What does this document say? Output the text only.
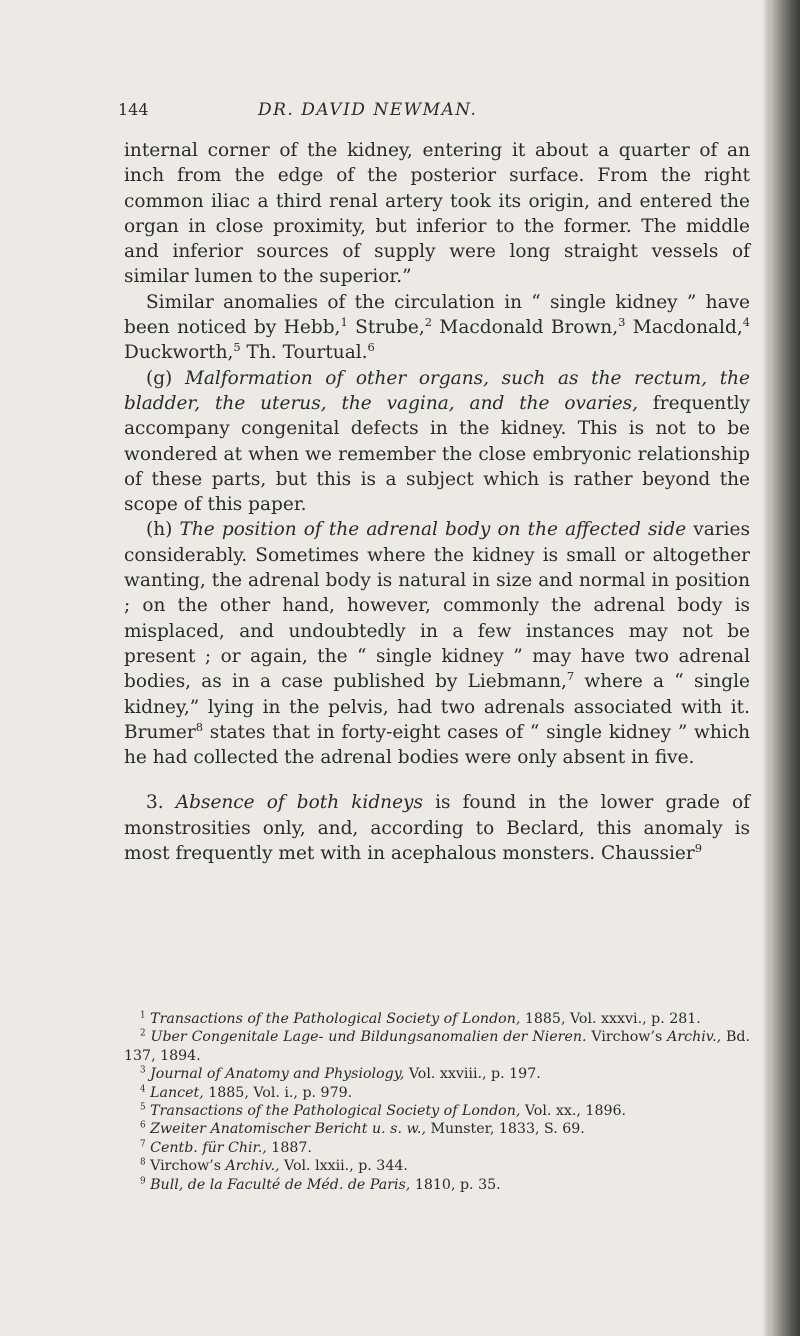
144	DR. DAVID NEWMAN.

internal corner of the kidney, entering it about a quarter of an inch from the edge of the posterior surface. From the right common iliac a third renal artery took its origin, and entered the organ in close proximity, but inferior to the former. The middle and inferior sources of supply were long straight vessels of similar lumen to the superior.”

Similar anomalies of the circulation in “ single kidney ” have been noticed by Hebb,$^1$ Strube,$^2$ Macdonald Brown,$^3$ Macdonald,$^4$ Duckworth,$^5$ Th. Tourtual.$^6$

(g) Malformation of other organs, such as the rectum, the bladder, the uterus, the vagina, and the ovaries, frequently accompany congenital defects in the kidney. This is not to be wondered at when we remember the close embryonic relationship of these parts, but this is a subject which is rather beyond the scope of this paper.

(h) The position of the adrenal body on the affected side varies considerably. Sometimes where the kidney is small or altogether wanting, the adrenal body is natural in size and normal in position ; on the other hand, however, commonly the adrenal body is misplaced, and undoubtedly in a few instances may not be present ; or again, the “ single kidney ” may have two adrenal bodies, as in a case published by Liebmann,$^7$ where a “ single kidney,” lying in the pelvis, had two adrenals associated with it. Brumer$^8$ states that in forty-eight cases of “ single kidney ” which he had collected the adrenal bodies were only absent in five.

3. Absence of both kidneys is found in the lower grade of monstrosities only, and, according to Beclard, this anomaly is most frequently met with in acephalous monsters. Chaussier$^9$

$^1$ Transactions of the Pathological Society of London, 1885, Vol. xxxvi., p. 281.

$^2$ Uber Congenitale Lage- und Bildungsanomalien der Nieren. Virchow’s Archiv., Bd. 137, 1894.

$^3$ Journal of Anatomy and Physiology, Vol. xxviii., p. 197.

$^4$ Lancet, 1885, Vol. i., p. 979.

$^5$ Transactions of the Pathological Society of London, Vol. xx., 1896.

$^6$ Zweiter Anatomischer Bericht u. s. w., Munster, 1833, S. 69.

$^7$ Centb. für Chir., 1887.

$^8$ Virchow’s Archiv., Vol. lxxii., p. 344.

$^9$ Bull, de la Faculté de Méd. de Paris, 1810, p. 35.
